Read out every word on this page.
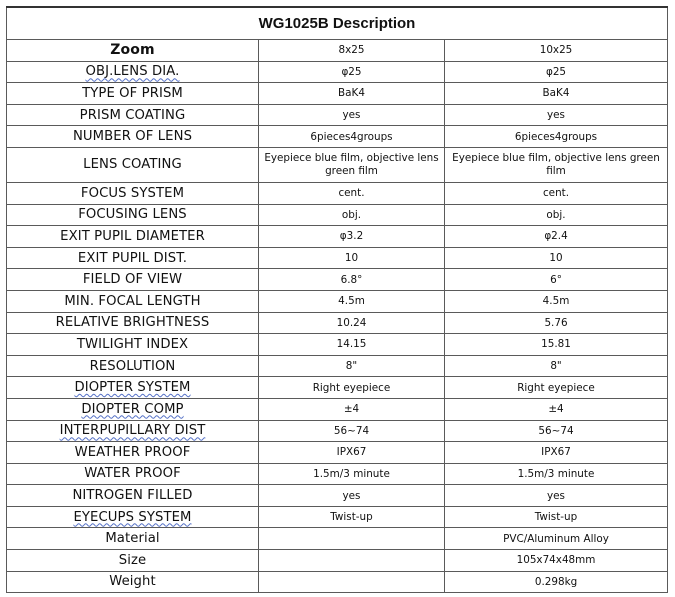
WG1025B Description		
Zoom	8x25	10x25
OBJ.LENS DIA.	φ25	φ25
TYPE OF PRISM	BaK4	BaK4
PRISM COATING	yes	yes
NUMBER OF LENS	6pieces4groups	6pieces4groups
LENS COATING	Eyepiece blue film, objective lens green film	Eyepiece blue film, objective lens green film
FOCUS SYSTEM	cent.	cent.
FOCUSING LENS	obj.	obj.
EXIT PUPIL DIAMETER	φ3.2	φ2.4
EXIT PUPIL DIST.	10	10
FIELD OF VIEW	6.8°	6°
MIN. FOCAL LENGTH	4.5m	4.5m
RELATIVE BRIGHTNESS	10.24	5.76
TWILIGHT INDEX	14.15	15.81
RESOLUTION	8"	8"
DIOPTER SYSTEM	Right eyepiece	Right eyepiece
DIOPTER COMP	±4	±4
INTERPUPILLARY DIST	56~74	56~74
WEATHER PROOF	IPX67	IPX67
WATER PROOF	1.5m/3 minute	1.5m/3 minute
NITROGEN FILLED	yes	yes
EYECUPS SYSTEM	Twist-up	Twist-up
Material		PVC/Aluminum Alloy
Size		105x74x48mm
Weight		0.298kg
